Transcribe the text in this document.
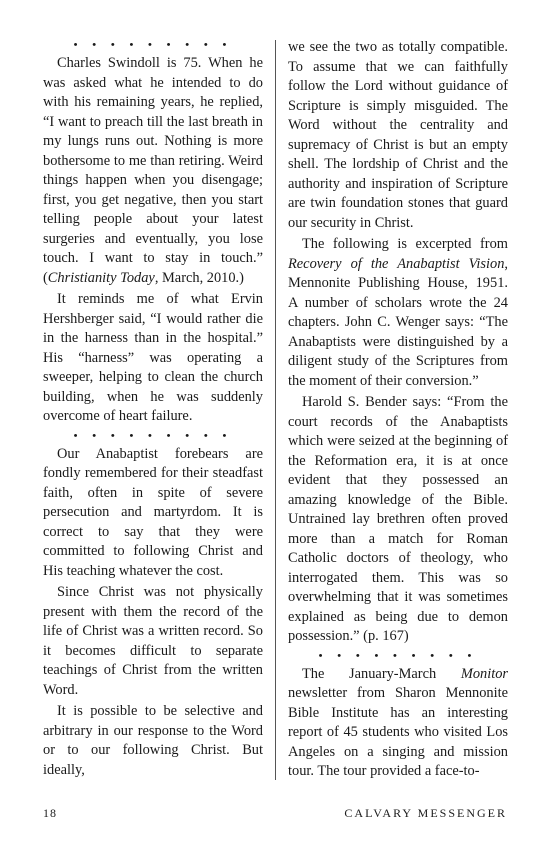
• • • • • • • • •

Charles Swindoll is 75. When he was asked what he intended to do with his remaining years, he replied, “I want to preach till the last breath in my lungs runs out. Nothing is more bothersome to me than retiring. Weird things happen when you disengage; first, you get negative, then you start telling people about your latest surgeries and eventually, you lose touch. I want to stay in touch.” (Christianity Today, March, 2010.)

It reminds me of what Ervin Hershberger said, “I would rather die in the harness than in the hospital.” His “harness” was operating a sweeper, helping to clean the church building, when he was suddenly overcome of heart failure.

• • • • • • • • •

Our Anabaptist forebears are fondly remembered for their steadfast faith, often in spite of severe persecution and martyrdom. It is correct to say that they were committed to following Christ and His teaching whatever the cost.

Since Christ was not physically present with them the record of the life of Christ was a written record. So it becomes difficult to separate teachings of Christ from the written Word.

It is possible to be selective and arbitrary in our response to the Word or to our following Christ. But ideally,

we see the two as totally compatible. To assume that we can faithfully follow the Lord without guidance of Scripture is simply misguided. The Word without the centrality and supremacy of Christ is but an empty shell. The lordship of Christ and the authority and inspiration of Scripture are twin foundation stones that guard our security in Christ.

The following is excerpted from Recovery of the Anabaptist Vision, Mennonite Publishing House, 1951. A number of scholars wrote the 24 chapters. John C. Wenger says: “The Anabaptists were distinguished by a diligent study of the Scriptures from the moment of their conversion.”

Harold S. Bender says: “From the court records of the Anabaptists which were seized at the beginning of the Reformation era, it is at once evident that they possessed an amazing knowledge of the Bible. Untrained lay brethren often proved more than a match for Roman Catholic doctors of theology, who interrogated them. This was so overwhelming that it was sometimes explained as being due to demon possession.” (p. 167)

• • • • • • • • •

The January-March Monitor newsletter from Sharon Mennonite Bible Institute has an interesting report of 45 students who visited Los Angeles on a singing and mission tour. The tour provided a face-to-

18	CALVARY MESSENGER
